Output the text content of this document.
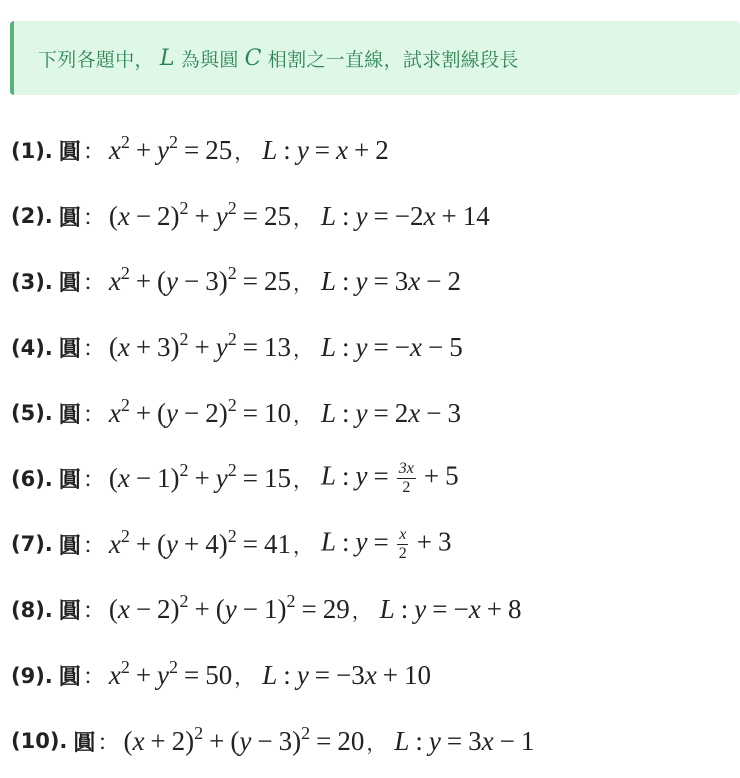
下列各題中， L 為與圓 C 相割之一直線，試求割線段長
(1). 圓 ： $x^2 + y^2 = 25$ ， L : y = x + 2
(2). 圓 ： $(x - 2)^2 + y^2 = 25$ ， L : y = −2x + 14
(3). 圓 ： $x^2 + (y - 3)^2 = 25$ ， L : y = 3x − 2
(4). 圓 ： $(x + 3)^2 + y^2 = 13$ ， L : y = −x − 5
(5). 圓 ： $x^2 + (y - 2)^2 = 10$ ， L : y = 2x − 3
(6). 圓 ： $(x - 1)^2 + y^2 = 15$ ， L : $y = \frac{3x}{2} + 5$
(7). 圓 ： $x^2 + (y + 4)^2 = 41$ ， L : $y = \frac{x}{2} + 3$
(8). 圓 ： $(x - 2)^2 + (y - 1)^2 = 29$ ， L : y = −x + 8
(9). 圓 ： $x^2 + y^2 = 50$ ， L : y = −3x + 10
(10). 圓 ： $(x + 2)^2 + (y - 3)^2 = 20$ ， L : y = 3x − 1
